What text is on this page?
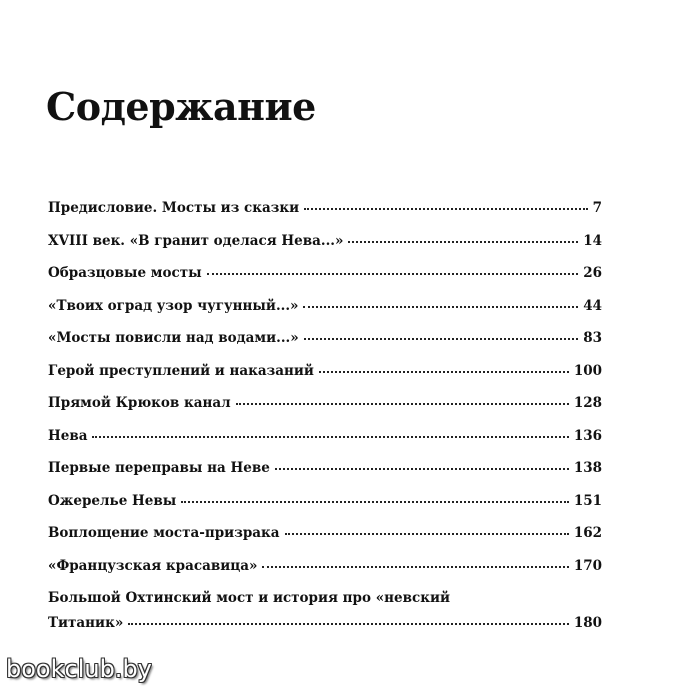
Содержание
Предисловие. Мосты из сказки	7
XVIII век. «В гранит оделася Нева...»	14
Образцовые мосты	26
«Твоих оград узор чугунный...»	44
«Мосты повисли над водами...»	83
Герой преступлений и наказаний	100
Прямой Крюков канал	128
Нева	136
Первые переправы на Неве	138
Ожерелье Невы	151
Воплощение моста-призрака	162
«Французская красавица»	170
Большой Охтинский мост и история про «невский
Титаник»	180
bookclub.by
